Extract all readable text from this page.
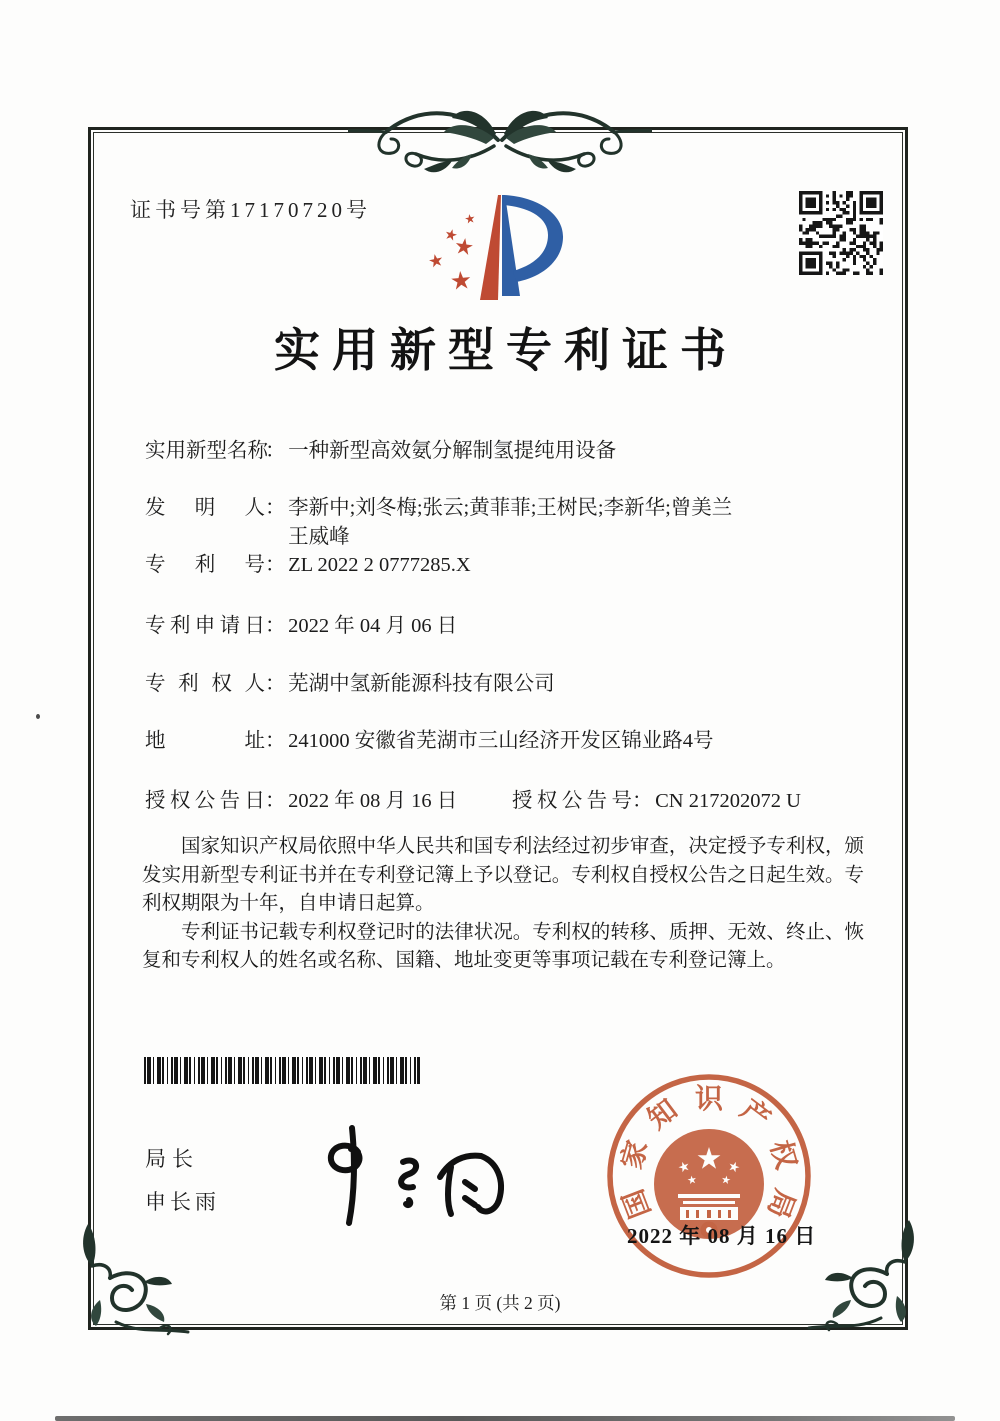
证书号第17170720号
实用新型专利证书
实用新型名称： 一种新型高效氨分解制氢提纯用设备
发明人： 李新中;刘冬梅;张云;黄菲菲;王树民;李新华;曾美兰
王威峰
专利号： ZL 2022 2 0777285.X
专利申请日： 2022 年 04 月 06 日
专利权人： 芜湖中氢新能源科技有限公司
地址： 241000 安徽省芜湖市三山经济开发区锦业路4号
授权公告日： 2022 年 08 月 16 日	授权公告号： CN 217202072 U

国家知识产权局依照中华人民共和国专利法经过初步审查，决定授予专利权，颁发实用新型专利证书并在专利登记簿上予以登记。专利权自授权公告之日起生效。专利权期限为十年，自申请日起算。

专利证书记载专利权登记时的法律状况。专利权的转移、质押、无效、终止、恢复和专利权人的姓名或名称、国籍、地址变更等事项记载在专利登记簿上。

局长
申长雨	国
家
知 识 产
权
局
2022 年 08 月 16 日
第 1 页 (共 2 页)
